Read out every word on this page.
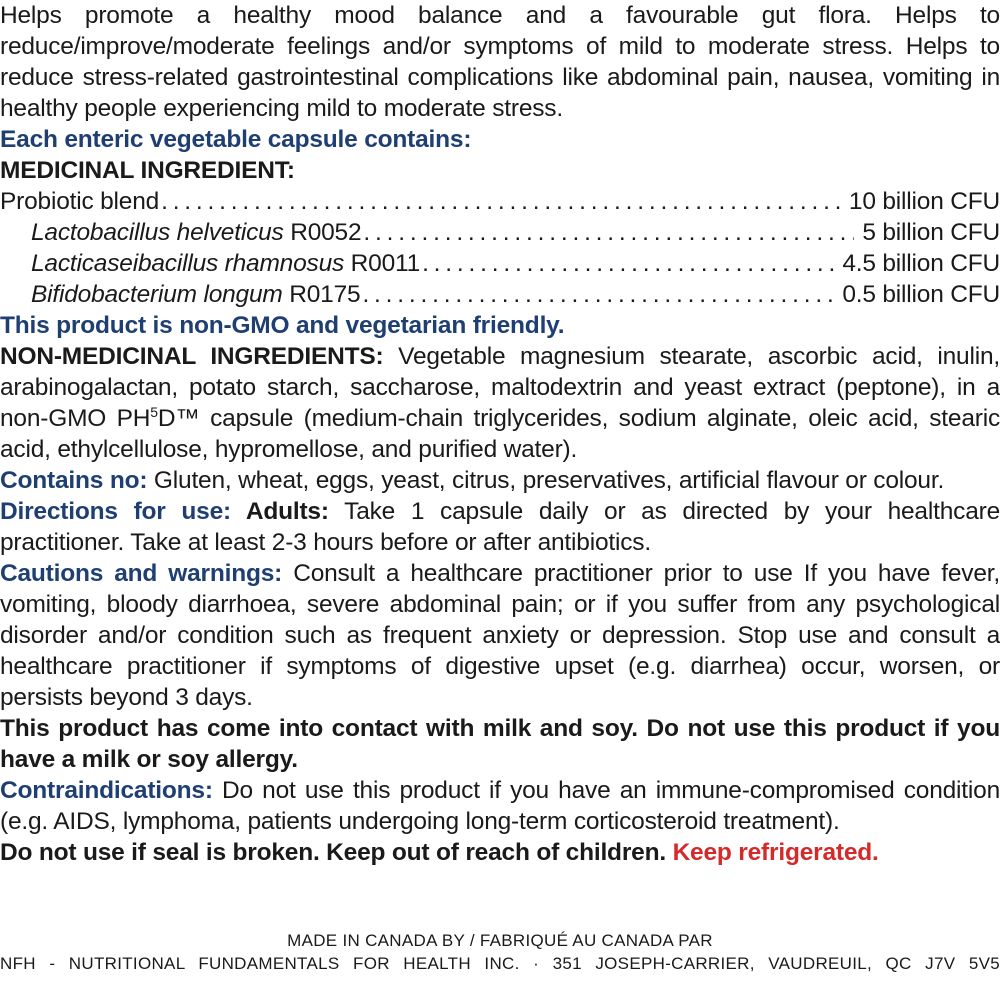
Helps promote a healthy mood balance and a favourable gut flora. Helps to reduce/improve/moderate feelings and/or symptoms of mild to moderate stress. Helps to reduce stress-related gastrointestinal complications like abdominal pain, nausea, vomiting in healthy people experiencing mild to moderate stress.

Each enteric vegetable capsule contains:
MEDICINAL INGREDIENT:
Probiotic blend . . .	10 billion CFU
Lactobacillus helveticus R0052 . . .	5 billion CFU
Lacticaseibacillus rhamnosus R0011 . . .	4.5 billion CFU
Bifidobacterium longum R0175 . . .	0.5 billion CFU
This product is non-GMO and vegetarian friendly.

NON-MEDICINAL INGREDIENTS: Vegetable magnesium stearate, ascorbic acid, inulin, arabinogalactan, potato starch, saccharose, maltodextrin and yeast extract (peptone), in a non-GMO $PH^5D™$ capsule (medium-chain triglycerides, sodium alginate, oleic acid, stearic acid, ethylcellulose, hypromellose, and purified water).

Contains no: Gluten, wheat, eggs, yeast, citrus, preservatives, artificial flavour or colour.

Directions for use: Adults: Take 1 capsule daily or as directed by your healthcare practitioner. Take at least 2-3 hours before or after antibiotics.

Cautions and warnings: Consult a healthcare practitioner prior to use If you have fever, vomiting, bloody diarrhoea, severe abdominal pain; or if you suffer from any psychological disorder and/or condition such as frequent anxiety or depression. Stop use and consult a healthcare practitioner if symptoms of digestive upset (e.g. diarrhea) occur, worsen, or persists beyond 3 days.

This product has come into contact with milk and soy. Do not use this product if you have a milk or soy allergy.

Contraindications: Do not use this product if you have an immune-compromised condition (e.g. AIDS, lymphoma, patients undergoing long-term corticosteroid treatment).

Do not use if seal is broken. Keep out of reach of children. Keep refrigerated.

MADE IN CANADA BY / FABRIQUÉ AU CANADA PAR
NFH - NUTRITIONAL FUNDAMENTALS FOR HEALTH INC. · 351 JOSEPH-CARRIER, VAUDREUIL, QC J7V 5V5
